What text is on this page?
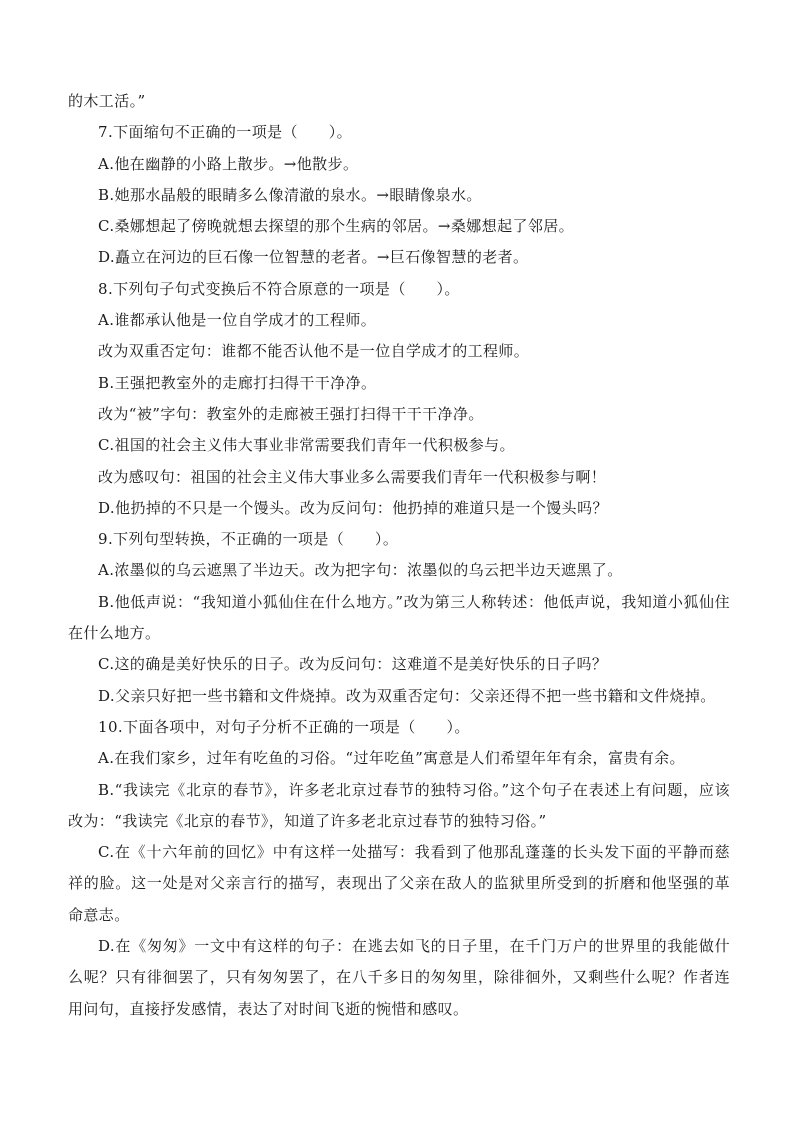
的木工活。”
7.下面缩句不正确的一项是（　　）。
A.他在幽静的小路上散步。→他散步。
B.她那水晶般的眼睛多么像清澈的泉水。→眼睛像泉水。
C.桑娜想起了傍晚就想去探望的那个生病的邻居。→桑娜想起了邻居。
D.矗立在河边的巨石像一位智慧的老者。→巨石像智慧的老者。
8.下列句子句式变换后不符合原意的一项是（　　）。
A.谁都承认他是一位自学成才的工程师。
改为双重否定句：谁都不能否认他不是一位自学成才的工程师。
B.王强把教室外的走廊打扫得干干净净。
改为“被”字句：教室外的走廊被王强打扫得干干干净净。
C.祖国的社会主义伟大事业非常需要我们青年一代积极参与。
改为感叹句：祖国的社会主义伟大事业多么需要我们青年一代积极参与啊！
D.他扔掉的不只是一个馒头。改为反问句：他扔掉的难道只是一个馒头吗？
9.下列句型转换，不正确的一项是（　　）。
A.浓墨似的乌云遮黑了半边天。改为把字句：浓墨似的乌云把半边天遮黑了。
B.他低声说：“我知道小狐仙住在什么地方。”改为第三人称转述：他低声说，我知道小狐仙住在什么地方。
C.这的确是美好快乐的日子。改为反问句：这难道不是美好快乐的日子吗？
D.父亲只好把一些书籍和文件烧掉。改为双重否定句：父亲还得不把一些书籍和文件烧掉。
10.下面各项中，对句子分析不正确的一项是（　　）。
A.在我们家乡，过年有吃鱼的习俗。“过年吃鱼”寓意是人们希望年年有余，富贵有余。
B.“我读完《北京的春节》，许多老北京过春节的独特习俗。”这个句子在表述上有问题，应该改为：“我读完《北京的春节》，知道了许多老北京过春节的独特习俗。”
C.在《十六年前的回忆》中有这样一处描写：我看到了他那乱蓬蓬的长头发下面的平静而慈祥的脸。这一处是对父亲言行的描写，表现出了父亲在敌人的监狱里所受到的折磨和他坚强的革命意志。
D.在《匆匆》一文中有这样的句子：在逃去如飞的日子里，在千门万户的世界里的我能做什么呢？只有徘徊罢了，只有匆匆罢了，在八千多日的匆匆里，除徘徊外，又剩些什么呢？作者连用问句，直接抒发感情，表达了对时间飞逝的惋惜和感叹。
